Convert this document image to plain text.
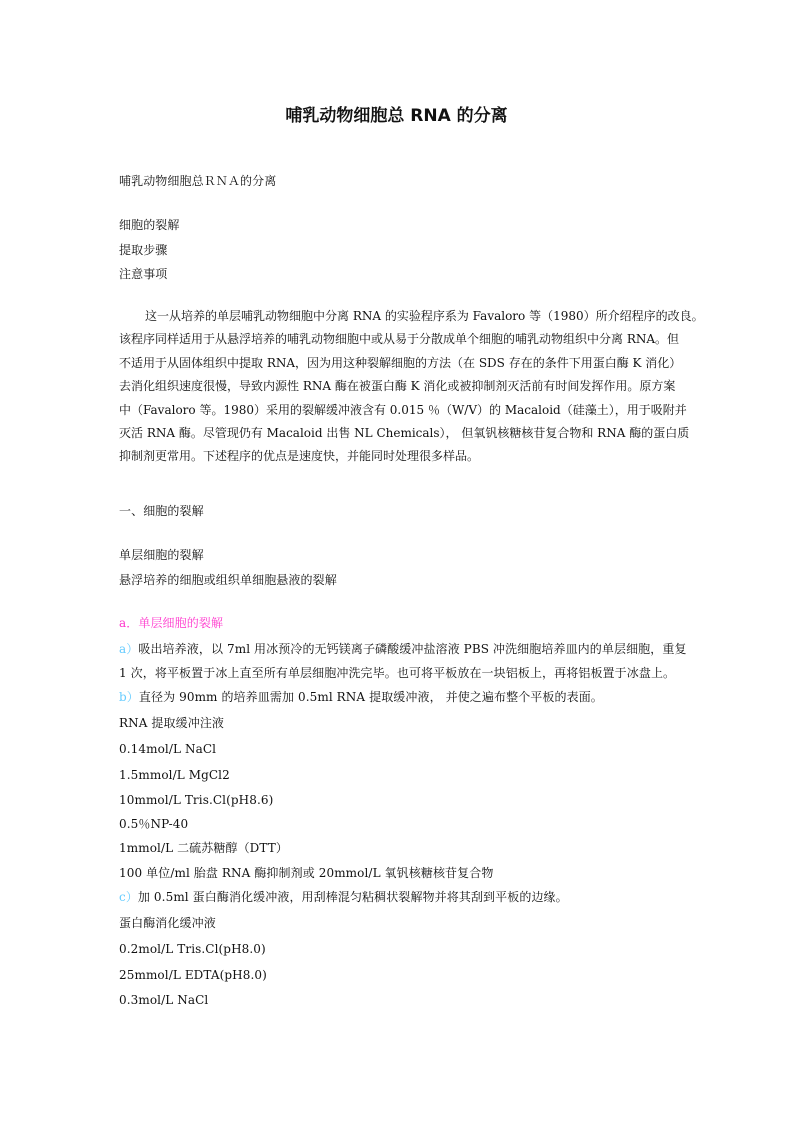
哺乳动物细胞总 RNA 的分离
哺乳动物细胞总ＲＮＡ的分离
细胞的裂解
提取步骤
注意事项
这一从培养的单层哺乳动物细胞中分离 RNA 的实验程序系为 Favaloro 等（1980）所介绍程序的改良。
该程序同样适用于从悬浮培养的哺乳动物细胞中或从易于分散成单个细胞的哺乳动物组织中分离 RNA。但
不适用于从固体组织中提取 RNA，因为用这种裂解细胞的方法（在 SDS 存在的条件下用蛋白酶 K 消化）
去消化组织速度很慢，导致内源性 RNA 酶在被蛋白酶 K 消化或被抑制剂灭活前有时间发挥作用。原方案
中（Favaloro 等。1980）采用的裂解缓冲液含有 0.015 ％（W/V）的 Macaloid（硅藻土），用于吸附并
灭活 RNA 酶。尽管现仍有 Macaloid 出售 NL Chemicals）， 但氧钒核糖核苷复合物和 RNA 酶的蛋白质
抑制剂更常用。下述程序的优点是速度快，并能同时处理很多样品。
一、细胞的裂解
单层细胞的裂解
悬浮培养的细胞或组织单细胞悬液的裂解
a．单层细胞的裂解
a）吸出培养液，以 7ml 用冰预冷的无钙镁离子磷酸缓冲盐溶液 PBS 冲洗细胞培养皿内的单层细胞，重复
1 次，将平板置于冰上直至所有单层细胞冲洗完毕。也可将平板放在一块铝板上，再将铝板置于冰盘上。
b）直径为 90mm 的培养皿需加 0.5ml RNA 提取缓冲液， 并使之遍布整个平板的表面。
RNA 提取缓冲注液
0.14mol/L NaCl
1.5mmol/L MgCl2
10mmol/L Tris.Cl(pH8.6)
0.5％NP-40
1mmol/L 二硫苏糖醇（DTT）
100 单位/ml 胎盘 RNA 酶抑制剂或 20mmol/L 氧钒核糖核苷复合物
c）加 0.5ml 蛋白酶消化缓冲液，用刮棒混匀粘稠状裂解物并将其刮到平板的边缘。
蛋白酶消化缓冲液
0.2mol/L Tris.Cl(pH8.0)
25mmol/L EDTA(pH8.0)
0.3mol/L NaCl
